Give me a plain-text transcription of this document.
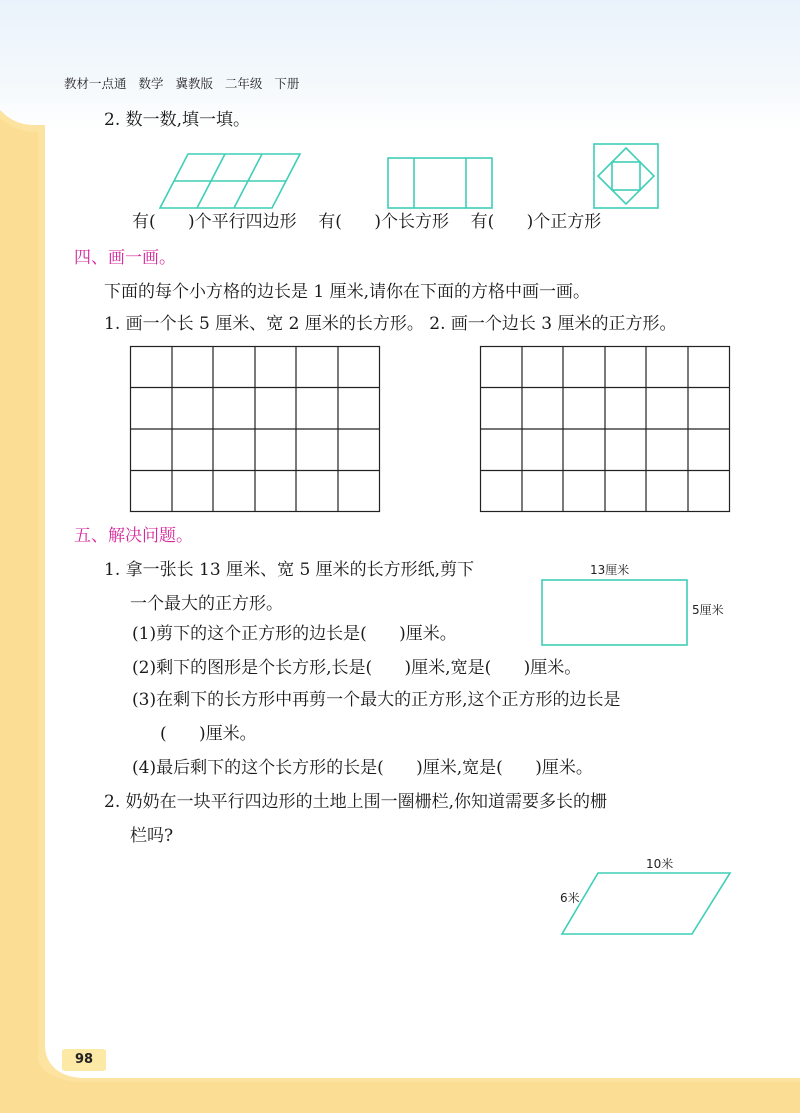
教材一点通 数学 冀教版 二年级 下册
2. 数一数,填一填。
有(      )个平行四边形    有(      )个长方形    有(      )个正方形
四、画一画。
下面的每个小方格的边长是 1 厘米,请你在下面的方格中画一画。
1. 画一个长 5 厘米、宽 2 厘米的长方形。 2. 画一个边长 3 厘米的正方形。
五、解决问题。
1. 拿一张长 13 厘米、宽 5 厘米的长方形纸,剪下
一个最大的正方形。
13厘米
5厘米
(1)剪下的这个正方形的边长是(      )厘米。
(2)剩下的图形是个长方形,长是(      )厘米,宽是(      )厘米。
(3)在剩下的长方形中再剪一个最大的正方形,这个正方形的边长是
(      )厘米。
(4)最后剩下的这个长方形的长是(      )厘米,宽是(      )厘米。
2. 奶奶在一块平行四边形的土地上围一圈栅栏,你知道需要多长的栅
栏吗?
10米
6米
98
